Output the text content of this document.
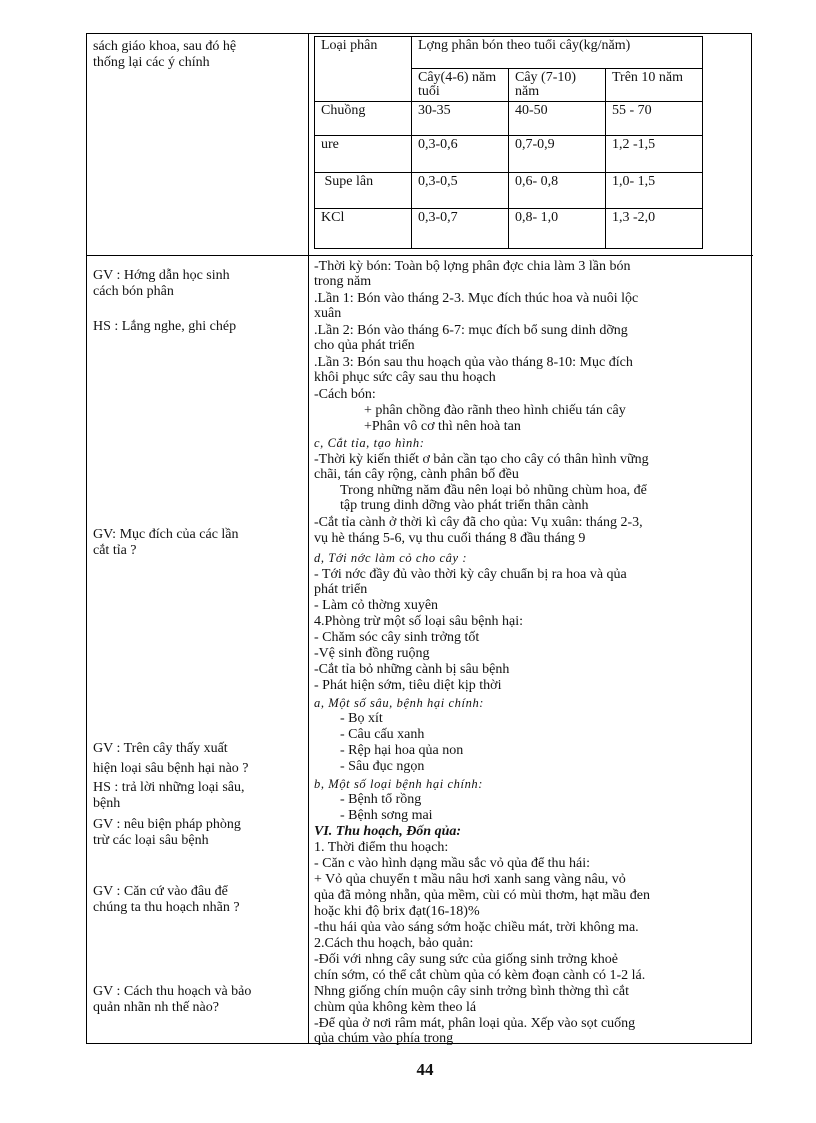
sách giáo khoa, sau đó hệ
thống lại các ý chính
GV : Hớng dẫn học sinh
cách bón phân
HS : Lắng nghe, ghi chép
GV: Mục đích của các lần
cắt tỉa ?
GV : Trên cây thấy xuất
hiện loại sâu bệnh hại nào ?
HS : trả lời những loại sâu,
bệnh
GV : nêu biện pháp phòng
trừ các loại sâu bệnh
GV : Căn cứ vào đâu để
chúng ta thu hoạch nhãn ?
GV : Cách thu hoạch và bảo
quản nhãn nh thế nào?
Loại phân	Lợng phân bón theo tuổi cây(kg/năm)		
	Cây(4-6) năm tuổi	Cây (7-10) năm	Trên 10 năm
Chuồng	30-35	40-50	55 - 70
ure	0,3-0,6	0,7-0,9	1,2 -1,5
Supe lân	0,3-0,5	0,6- 0,8	1,0- 1,5
KCl	0,3-0,7	0,8- 1,0	1,3 -2,0
-Thời kỳ bón: Toàn bộ lợng phân đợc chia làm 3 lần bón
trong năm
.Lần 1: Bón vào tháng 2-3. Mục đích thúc hoa và nuôi lộc
xuân
.Lần 2: Bón vào tháng 6-7: mục đích bổ sung dinh dỡng
cho qủa phát triển
.Lần 3: Bón sau thu hoạch qủa vào tháng 8-10: Mục đích
khôi phục sức cây sau thu hoạch
-Cách bón:
+ phân chồng đào rãnh theo hình chiếu tán cây
+Phân vô cơ thì nên hoà tan
c, Cắt tỉa, tạo hình:
-Thời kỳ kiến thiết ơ bản cần tạo cho cây có thân hình vững
chãi, tán cây rộng, cành phân bố đều
Trong những năm đầu nên loại bỏ nhũng chùm hoa, để
tập trung dinh dỡng vào phát triển thân cành
-Cắt tỉa cành ở thời kì cây đã cho qủa: Vụ xuân: tháng 2-3,
vụ hè tháng 5-6, vụ thu cuối tháng 8 đầu tháng 9
d, Tới nớc làm cỏ cho cây :
- Tới nớc đầy đủ vào thời kỳ cây chuẩn bị ra hoa và qủa
phát triển
- Làm cỏ thờng xuyên
4.Phòng trừ một số loại sâu bệnh hại:
- Chăm sóc cây sinh trởng tốt
-Vệ sinh đồng ruộng
-Cắt tỉa bỏ những cành bị sâu bệnh
- Phát hiện sớm, tiêu diệt kịp thời
a, Một số sâu, bệnh hại chính:
- Bọ xít
- Câu cấu xanh
- Rệp hại hoa qủa non
- Sâu đục ngọn
b, Một số loại bệnh hại chính:
- Bệnh tổ rồng
- Bệnh sơng mai
VI. Thu hoạch, Đốn qủa:
1. Thời điểm thu hoạch:
- Căn c vào hình dạng mầu sắc vỏ qủa để thu hái:
+ Vỏ qủa chuyển t mầu nâu hơi xanh sang vàng nâu, vỏ
qủa đã mỏng nhẵn, qủa mềm, cùi có mùi thơm, hạt mầu đen
hoặc khi độ brix đạt(16-18)%
-thu hái qủa vào sáng sớm hoặc chiều mát, trời không ma.
2.Cách thu hoạch, bảo quản:
-Đối với nhng cây sung sức của giống sinh trởng khoẻ
chín sớm, có thể cắt chùm qủa có kèm đoạn cành có 1-2 lá.
Nhng giống chín muộn cây sinh trởng bình thờng thì cắt
chùm qủa không kèm theo lá
-Để qủa ở nơi râm mát, phân loại qủa. Xếp vào sọt cuống
qủa chúm vào phía trong
44
